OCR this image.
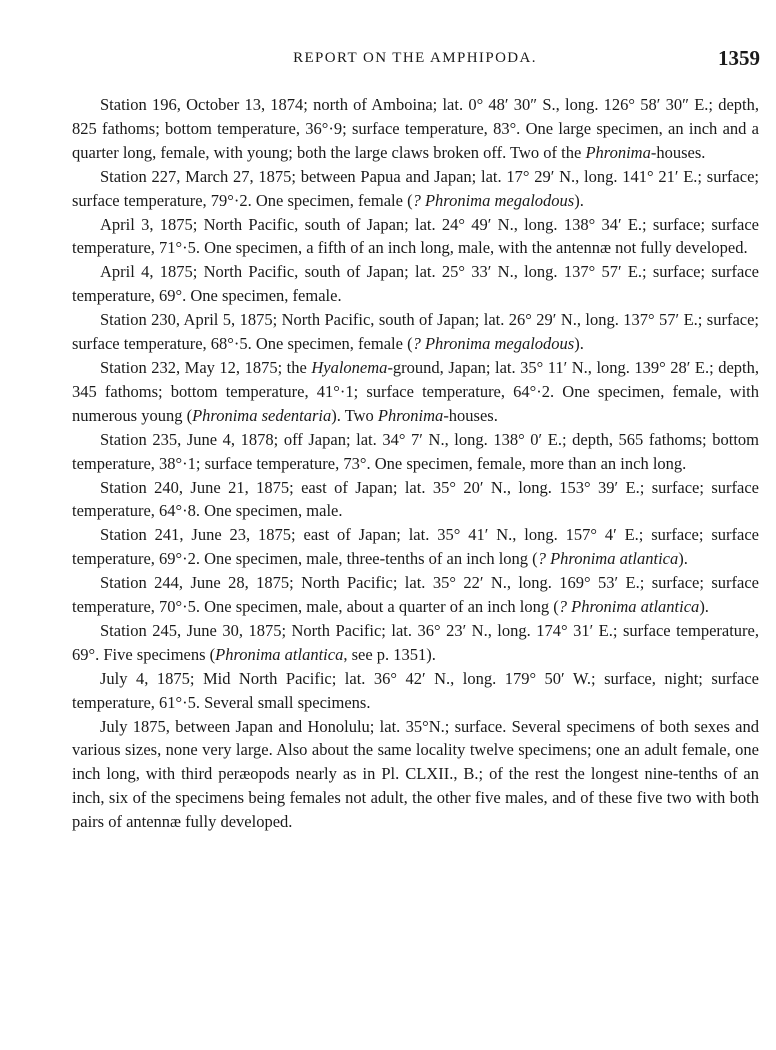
REPORT ON THE AMPHIPODA.	1359

Station 196, October 13, 1874; north of Amboina; lat. 0° 48′ 30″ S., long. 126° 58′ 30″ E.; depth, 825 fathoms; bottom temperature, 36°·9; surface temperature, 83°. One large specimen, an inch and a quarter long, female, with young; both the large claws broken off. Two of the Phronima-houses.

Station 227, March 27, 1875; between Papua and Japan; lat. 17° 29′ N., long. 141° 21′ E.; surface; surface temperature, 79°·2. One specimen, female (? Phronima megalodous).

April 3, 1875; North Pacific, south of Japan; lat. 24° 49′ N., long. 138° 34′ E.; surface; surface temperature, 71°·5. One specimen, a fifth of an inch long, male, with the antennæ not fully developed.

April 4, 1875; North Pacific, south of Japan; lat. 25° 33′ N., long. 137° 57′ E.; surface; surface temperature, 69°. One specimen, female.

Station 230, April 5, 1875; North Pacific, south of Japan; lat. 26° 29′ N., long. 137° 57′ E.; surface; surface temperature, 68°·5. One specimen, female (? Phronima megalodous).

Station 232, May 12, 1875; the Hyalonema-ground, Japan; lat. 35° 11′ N., long. 139° 28′ E.; depth, 345 fathoms; bottom temperature, 41°·1; surface temperature, 64°·2. One specimen, female, with numerous young (Phronima sedentaria). Two Phronima-houses.

Station 235, June 4, 1878; off Japan; lat. 34° 7′ N., long. 138° 0′ E.; depth, 565 fathoms; bottom temperature, 38°·1; surface temperature, 73°. One specimen, female, more than an inch long.

Station 240, June 21, 1875; east of Japan; lat. 35° 20′ N., long. 153° 39′ E.; surface; surface temperature, 64°·8. One specimen, male.

Station 241, June 23, 1875; east of Japan; lat. 35° 41′ N., long. 157° 4′ E.; surface; surface temperature, 69°·2. One specimen, male, three-tenths of an inch long (? Phronima atlantica).

Station 244, June 28, 1875; North Pacific; lat. 35° 22′ N., long. 169° 53′ E.; surface; surface temperature, 70°·5. One specimen, male, about a quarter of an inch long (? Phronima atlantica).

Station 245, June 30, 1875; North Pacific; lat. 36° 23′ N., long. 174° 31′ E.; surface temperature, 69°. Five specimens (Phronima atlantica, see p. 1351).

July 4, 1875; Mid North Pacific; lat. 36° 42′ N., long. 179° 50′ W.; surface, night; surface temperature, 61°·5. Several small specimens.

July 1875, between Japan and Honolulu; lat. 35°N.; surface. Several specimens of both sexes and various sizes, none very large. Also about the same locality twelve specimens; one an adult female, one inch long, with third peræopods nearly as in Pl. CLXII., B.; of the rest the longest nine-tenths of an inch, six of the specimens being females not adult, the other five males, and of these five two with both pairs of antennæ fully developed.
